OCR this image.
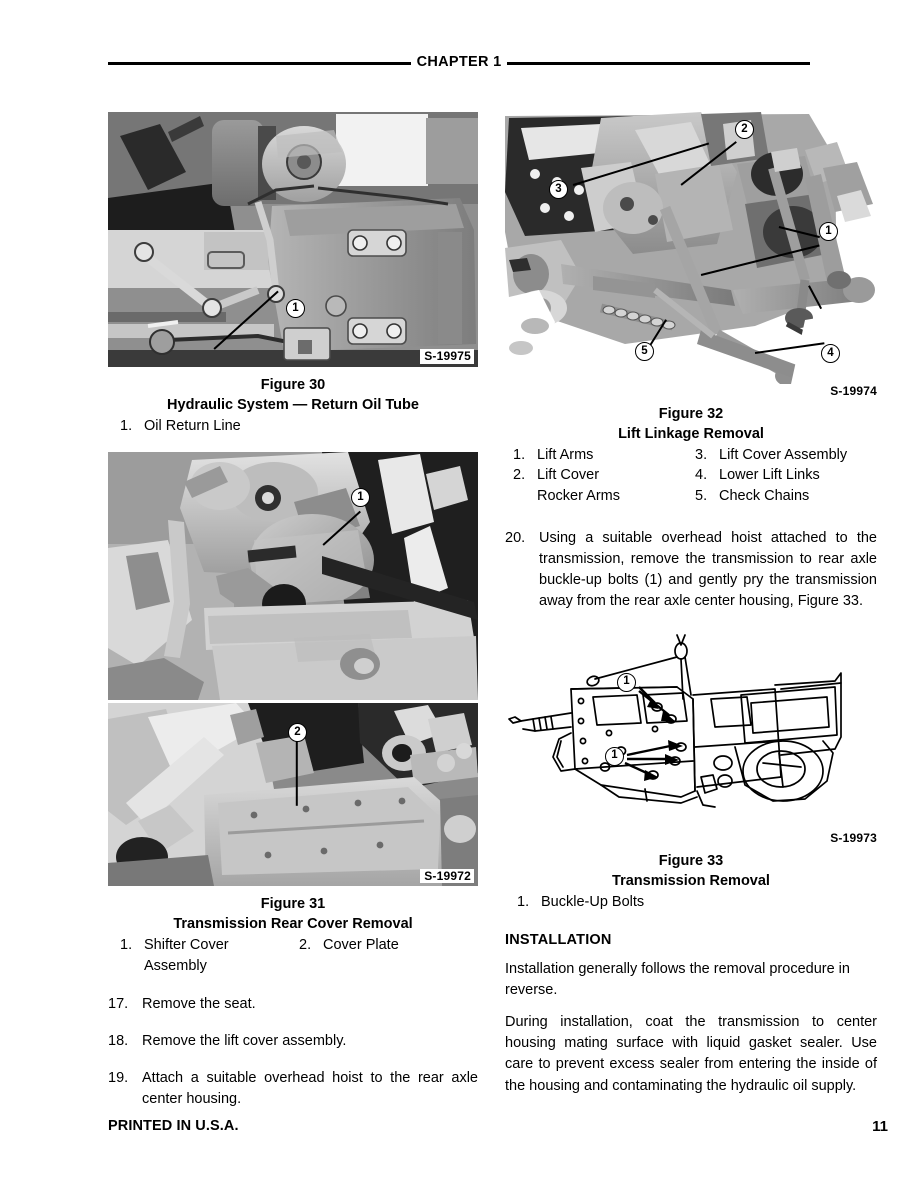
CHAPTER 1
1
S-19975
Figure 30
Hydraulic System — Return Oil Tube
1. Oil Return Line
1
2
S-19972
Figure 31
Transmission Rear Cover Removal
1. Shifter Cover
Assembly
2. Cover Plate
17. Remove the seat.
18. Remove the lift cover assembly.
19. Attach a suitable overhead hoist to the rear axle center housing.
2
3
1
4
5
S-19974
Figure 32
Lift Linkage Removal
1. Lift Arms
2. Lift Cover
Rocker Arms
3. Lift Cover Assembly
4. Lower Lift Links
5. Check Chains
20. Using a suitable overhead hoist attached to the transmission, remove the transmission to rear axle buckle-up bolts (1) and gently pry the transmission away from the rear axle center housing, Figure 33.
1
1
S-19973
Figure 33
Transmission Removal
1. Buckle-Up Bolts
INSTALLATION
Installation generally follows the removal procedure in reverse.
During installation, coat the transmission to center housing mating surface with liquid gasket sealer. Use care to prevent excess sealer from entering the inside of the housing and contaminating the hydraulic oil supply.
PRINTED IN U.S.A.	11
